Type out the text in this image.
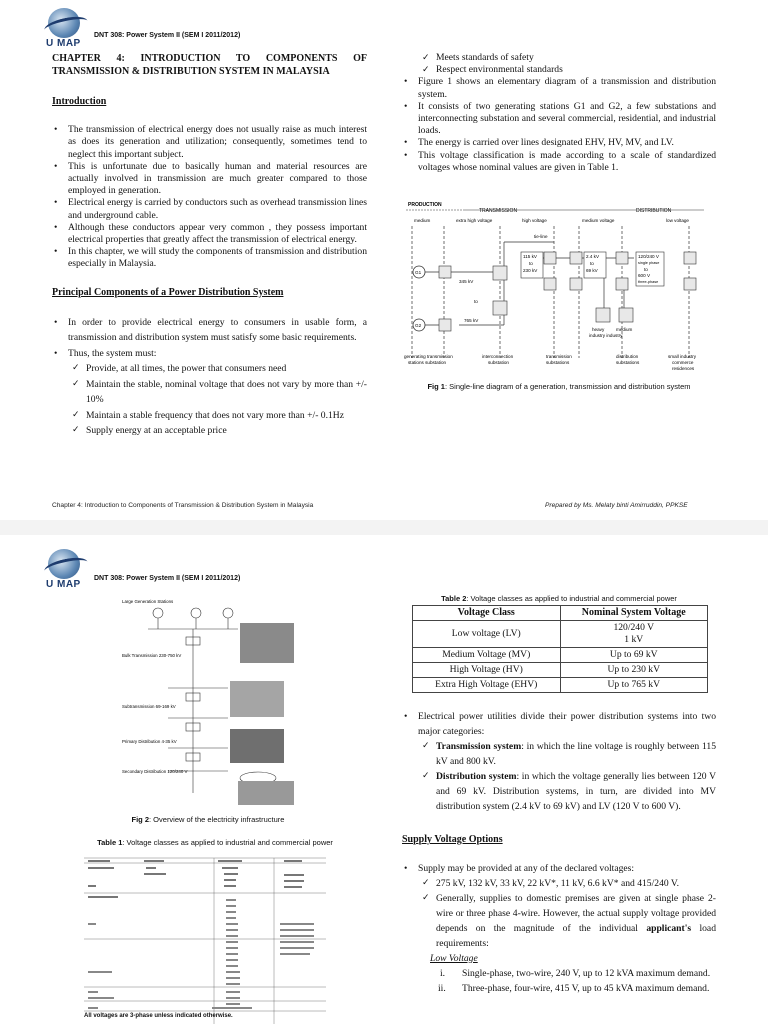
U MAP
DNT 308: Power System II (SEM I 2011/2012)

CHAPTER 4: INTRODUCTION TO COMPONENTS OF TRANSMISSION & DISTRIBUTION SYSTEM IN MALAYSIA

Introduction

• The transmission of electrical energy does not usually raise as much interest as does its generation and utilization; consequently, sometimes tend to neglect this important subject.
• This is unfortunate due to basically human and material resources are actually involved in transmission are much greater compared to those employed in generation.
• Electrical energy is carried by conductors such as overhead transmission lines and underground cable.
• Although these conductors appear very common , they possess important electrical properties that greatly affect the transmission of electrical energy.
• In this chapter, we will study the components of transmission and distribution especially in Malaysia.

Principal Components of a Power Distribution System

• In order to provide electrical energy to consumers in usable form, a transmission and distribution system must satisfy some basic requirements.
• Thus, the system must:
✓ Provide, at all times, the power that consumers need
✓ Maintain the stable, nominal voltage that does not vary by more than +/- 10%
✓ Maintain a stable frequency that does not vary more than +/- 0.1Hz
✓ Supply energy at an acceptable price
✓ Meets standards of safety
✓ Respect environmental standards
• Figure 1 shows an elementary diagram of a transmission and distribution system.
• It consists of two generating stations G1 and G2, a few substations and interconnecting substation and several commercial, residential, and industrial loads.
• The energy is carried over lines designated EHV, HV, MV, and LV.
• This voltage classification is made according to a scale of standardized voltages whose nominal values are given in Table 1.
PRODUCTION
TRANSMISSION	DISTRIBUTION
medium	extra high voltage	high voltage	medium voltage	low voltage
tie-line
G1
G2
115 kV
to
230 kV
2.4 kV
to
69 kV
120/240 V
single phase
to
600 V
three-phase
345 kV
to
765 kV
heavy	medium
industry industry
generating transmission
stations substation
interconnection
substation
transmission
substations
distribution
substations
small industry
commerce
residences
Fig 1: Single-line diagram of a generation, transmission and distribution system
Chapter 4: Introduction to Components of Transmission & Distribution System in Malaysia	Prepared by Ms. Melaty binti Amirruddin, PPKSE
U MAP
DNT 308: Power System II (SEM I 2011/2012)
Large Generation Stations
Bulk Transmission 230-750 kV
Subtransmission 69-169 kV
Primary Distribution 4-35 kV
Secondary Distribution 120/240 V
Fig 2: Overview of the electricity infrastructure
Table 1: Voltage classes as applied to industrial and commercial power
All voltages are 3-phase unless indicated otherwise.
Table 2: Voltage classes as applied to industrial and commercial power
Voltage Class	Nominal System Voltage
Low voltage (LV)	120/240 V
1 kV

Medium Voltage (MV)	Up to 69 kV
High Voltage (HV)	Up to 230 kV
Extra High Voltage (EHV)	Up to 765 kV
• Electrical power utilities divide their power distribution systems into two major categories:
✓ Transmission system: in which the line voltage is roughly between 115 kV and 800 kV.
✓ Distribution system: in which the voltage generally lies between 120 V and 69 kV. Distribution systems, in turn, are divided into MV distribution system (2.4 kV to 69 kV) and LV (120 V to 600 V).

Supply Voltage Options

• Supply may be provided at any of the declared voltages:
✓ 275 kV, 132 kV, 33 kV, 22 kV*, 11 kV, 6.6 kV* and 415/240 V.
✓ Generally, supplies to domestic premises are given at single phase 2-wire or three phase 4-wire. However, the actual supply voltage provided depends on the magnitude of the individual applicant's load requirements:

Low Voltage

i. Single-phase, two-wire, 240 V, up to 12 kVA maximum demand.
ii. Three-phase, four-wire, 415 V, up to 45 kVA maximum demand.
